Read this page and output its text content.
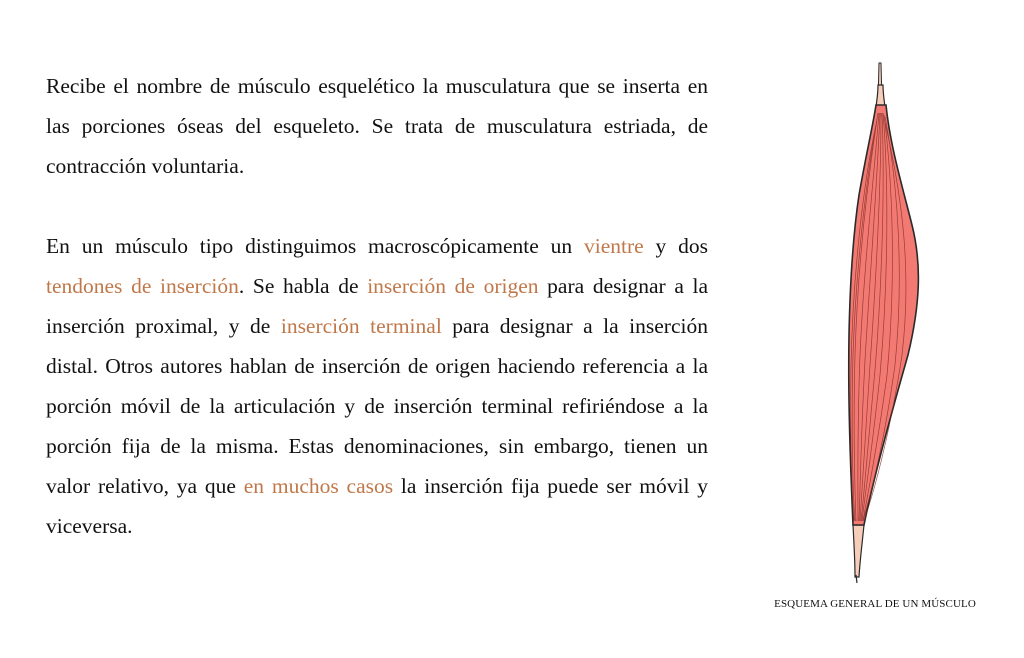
Recibe el nombre de músculo esquelético la musculatura que se inserta en las porciones óseas del esqueleto. Se trata de musculatura estriada, de contracción voluntaria.

En un músculo tipo distinguimos macroscópicamente un vientre y dos tendones de inserción. Se habla de inserción de origen para designar a la inserción proximal, y de inserción terminal para designar a la inserción distal. Otros autores hablan de inserción de origen haciendo referencia a la porción móvil de la articulación y de inserción terminal refiriéndose a la porción fija de la misma. Estas denominaciones, sin embargo, tienen un valor relativo, ya que en muchos casos la inserción fija puede ser móvil y viceversa.

ESQUEMA GENERAL DE UN MÚSCULO
